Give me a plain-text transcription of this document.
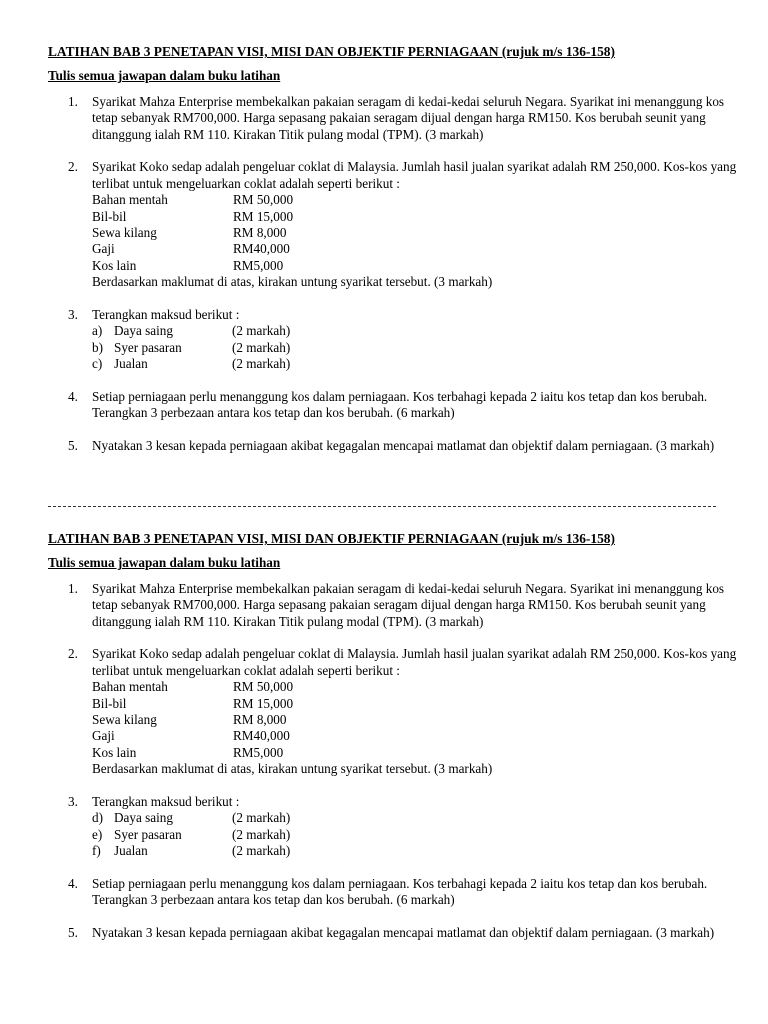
LATIHAN BAB 3 PENETAPAN VISI, MISI DAN OBJEKTIF PERNIAGAAN (rujuk m/s 136-158)

Tulis semua jawapan dalam buku latihan

1. Syarikat Mahza Enterprise membekalkan pakaian seragam di kedai-kedai seluruh Negara. Syarikat ini menanggung kos tetap sebanyak RM700,000. Harga sepasang pakaian seragam dijual dengan harga RM150. Kos berubah seunit yang ditanggung ialah RM 110. Kirakan Titik pulang modal (TPM). (3 markah)
2. Syarikat Koko sedap adalah pengeluar coklat di Malaysia. Jumlah hasil jualan syarikat adalah RM 250,000. Kos-kos yang terlibat untuk mengeluarkan coklat adalah seperti berikut :
Bahan mentah	RM 50,000
Bil-bil	RM 15,000
Sewa kilang	RM 8,000
Gaji	RM40,000
Kos lain	RM5,000
Berdasarkan maklumat di atas, kirakan untung syarikat tersebut. (3 markah)
3. Terangkan maksud berikut :
a) Daya saing	(2 markah)
b) Syer pasaran	(2 markah)
c) Jualan	(2 markah)
4. Setiap perniagaan perlu menanggung kos dalam perniagaan. Kos terbahagi kepada 2 iaitu kos tetap dan kos berubah. Terangkan 3 perbezaan antara kos tetap dan kos berubah. (6 markah)
5. Nyatakan 3 kesan kepada perniagaan akibat kegagalan mencapai matlamat dan objektif dalam perniagaan. (3 markah)

LATIHAN BAB 3 PENETAPAN VISI, MISI DAN OBJEKTIF PERNIAGAAN (rujuk m/s 136-158)

Tulis semua jawapan dalam buku latihan

1. Syarikat Mahza Enterprise membekalkan pakaian seragam di kedai-kedai seluruh Negara. Syarikat ini menanggung kos tetap sebanyak RM700,000. Harga sepasang pakaian seragam dijual dengan harga RM150. Kos berubah seunit yang ditanggung ialah RM 110. Kirakan Titik pulang modal (TPM). (3 markah)
2. Syarikat Koko sedap adalah pengeluar coklat di Malaysia. Jumlah hasil jualan syarikat adalah RM 250,000. Kos-kos yang terlibat untuk mengeluarkan coklat adalah seperti berikut :
Bahan mentah	RM 50,000
Bil-bil	RM 15,000
Sewa kilang	RM 8,000
Gaji	RM40,000
Kos lain	RM5,000
Berdasarkan maklumat di atas, kirakan untung syarikat tersebut. (3 markah)
3. Terangkan maksud berikut :
d) Daya saing	(2 markah)
e) Syer pasaran	(2 markah)
f)	Jualan	(2 markah)
4. Setiap perniagaan perlu menanggung kos dalam perniagaan. Kos terbahagi kepada 2 iaitu kos tetap dan kos berubah. Terangkan 3 perbezaan antara kos tetap dan kos berubah. (6 markah)
5. Nyatakan 3 kesan kepada perniagaan akibat kegagalan mencapai matlamat dan objektif dalam perniagaan. (3 markah)
